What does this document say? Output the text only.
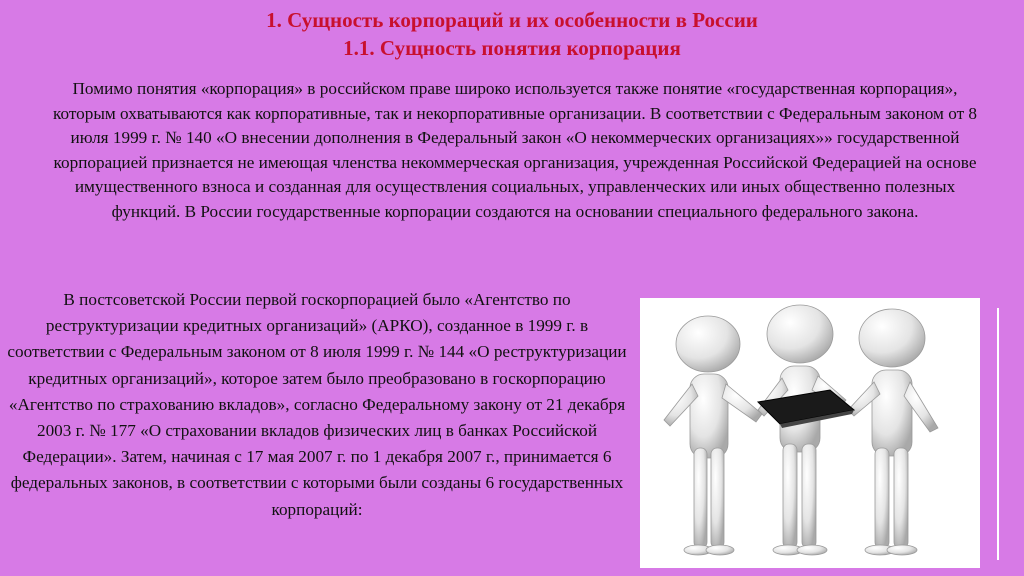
1. Сущность корпораций и их особенности в России
1.1. Сущность понятия корпорация

Помимо понятия «корпорация» в российском праве широко используется также понятие «государственная корпорация», которым охватываются как корпоративные, так и некорпоративные организации. В соответствии с Федеральным законом от 8 июля 1999 г. № 140 «О внесении дополнения в Федеральный закон «О некоммерческих организациях»» государственной корпорацией признается не имеющая членства некоммерческая организация, учрежденная Российской Федерацией на основе имущественного взноса и созданная для осуществления социальных, управленческих или иных общественно полезных функций. В России государственные корпорации создаются на основании специального федерального закона.

В постсоветской России первой госкорпорацией было «Агентство по реструктуризации кредитных организаций» (АРКО), созданное в 1999 г. в соответствии с Федеральным законом от 8 июля 1999 г. № 144 «О реструктуризации кредитных организаций», которое затем было преобразовано в госкорпорацию «Агентство по страхованию вкладов», согласно Федеральному закону от 21 декабря 2003 г. № 177 «О страховании вкладов физических лиц в банках Российской Федерации». Затем, начиная с 17 мая 2007 г. по 1 декабря 2007 г., принимается 6 федеральных законов, в соответствии с которыми были созданы 6 государственных корпораций:
